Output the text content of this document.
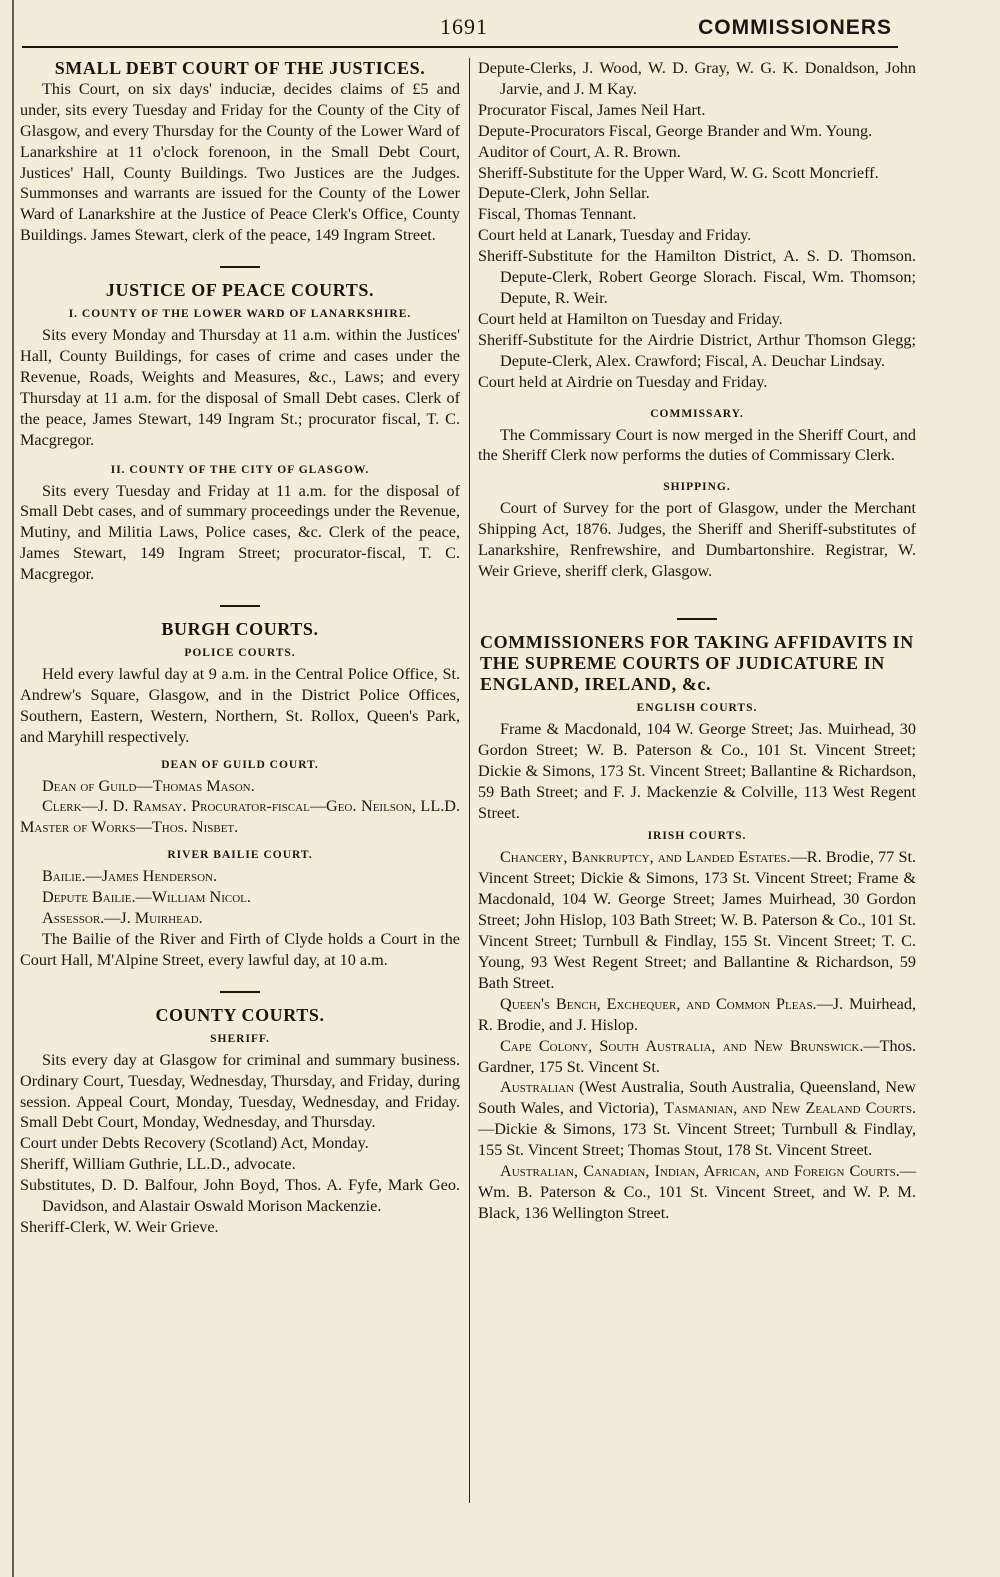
1691	COMMISSIONERS
SMALL DEBT COURT OF THE JUSTICES.

This Court, on six days' induciæ, decides claims of £5 and under, sits every Tuesday and Friday for the County of the City of Glasgow, and every Thursday for the County of the Lower Ward of Lanarkshire at 11 o'clock forenoon, in the Small Debt Court, Justices' Hall, County Buildings. Two Justices are the Judges. Summonses and warrants are issued for the County of the Lower Ward of Lanarkshire at the Justice of Peace Clerk's Office, County Buildings. James Stewart, clerk of the peace, 149 Ingram Street.

JUSTICE OF PEACE COURTS.
I. COUNTY OF THE LOWER WARD OF LANARKSHIRE.

Sits every Monday and Thursday at 11 a.m. within the Justices' Hall, County Buildings, for cases of crime and cases under the Revenue, Roads, Weights and Measures, &c., Laws; and every Thursday at 11 a.m. for the disposal of Small Debt cases. Clerk of the peace, James Stewart, 149 Ingram St.; procurator fiscal, T. C. Macgregor.

II. COUNTY OF THE CITY OF GLASGOW.

Sits every Tuesday and Friday at 11 a.m. for the disposal of Small Debt cases, and of summary proceedings under the Revenue, Mutiny, and Militia Laws, Police cases, &c. Clerk of the peace, James Stewart, 149 Ingram Street; procurator-fiscal, T. C. Macgregor.

BURGH COURTS.
POLICE COURTS.

Held every lawful day at 9 a.m. in the Central Police Office, St. Andrew's Square, Glasgow, and in the District Police Offices, Southern, Eastern, Western, Northern, St. Rollox, Queen's Park, and Maryhill respectively.

DEAN OF GUILD COURT.

Dean of Guild—Thomas Mason.

Clerk—J. D. Ramsay. Procurator-fiscal—Geo. Neilson, LL.D. Master of Works—Thos. Nisbet.

RIVER BAILIE COURT.

Bailie.—James Henderson.

Depute Bailie.—William Nicol.

Assessor.—J. Muirhead.

The Bailie of the River and Firth of Clyde holds a Court in the Court Hall, M'Alpine Street, every lawful day, at 10 a.m.

COUNTY COURTS.
SHERIFF.

Sits every day at Glasgow for criminal and summary business. Ordinary Court, Tuesday, Wednesday, Thursday, and Friday, during session. Appeal Court, Monday, Tuesday, Wednesday, and Friday. Small Debt Court, Monday, Wednesday, and Thursday.

Court under Debts Recovery (Scotland) Act, Monday.

Sheriff, William Guthrie, LL.D., advocate.

Substitutes, D. D. Balfour, John Boyd, Thos. A. Fyfe, Mark Geo. Davidson, and Alastair Oswald Morison Mackenzie.

Sheriff-Clerk, W. Weir Grieve.

Depute-Clerks, J. Wood, W. D. Gray, W. G. K. Donaldson, John Jarvie, and J. M Kay.

Procurator Fiscal, James Neil Hart.

Depute-Procurators Fiscal, George Brander and Wm. Young.

Auditor of Court, A. R. Brown.

Sheriff-Substitute for the Upper Ward, W. G. Scott Moncrieff.

Depute-Clerk, John Sellar.

Fiscal, Thomas Tennant.

Court held at Lanark, Tuesday and Friday.

Sheriff-Substitute for the Hamilton District, A. S. D. Thomson. Depute-Clerk, Robert George Slorach. Fiscal, Wm. Thomson; Depute, R. Weir.

Court held at Hamilton on Tuesday and Friday.

Sheriff-Substitute for the Airdrie District, Arthur Thomson Glegg; Depute-Clerk, Alex. Crawford; Fiscal, A. Deuchar Lindsay.

Court held at Airdrie on Tuesday and Friday.

COMMISSARY.

The Commissary Court is now merged in the Sheriff Court, and the Sheriff Clerk now performs the duties of Commissary Clerk.

SHIPPING.

Court of Survey for the port of Glasgow, under the Merchant Shipping Act, 1876. Judges, the Sheriff and Sheriff-substitutes of Lanarkshire, Renfrewshire, and Dumbartonshire. Registrar, W. Weir Grieve, sheriff clerk, Glasgow.

COMMISSIONERS FOR TAKING AFFIDAVITS IN THE SUPREME COURTS OF JUDICATURE IN ENGLAND, IRELAND, &c.
ENGLISH COURTS.

Frame & Macdonald, 104 W. George Street; Jas. Muirhead, 30 Gordon Street; W. B. Paterson & Co., 101 St. Vincent Street; Dickie & Simons, 173 St. Vincent Street; Ballantine & Richardson, 59 Bath Street; and F. J. Mackenzie & Colville, 113 West Regent Street.

IRISH COURTS.

Chancery, Bankruptcy, and Landed Estates.—R. Brodie, 77 St. Vincent Street; Dickie & Simons, 173 St. Vincent Street; Frame & Macdonald, 104 W. George Street; James Muirhead, 30 Gordon Street; John Hislop, 103 Bath Street; W. B. Paterson & Co., 101 St. Vincent Street; Turnbull & Findlay, 155 St. Vincent Street; T. C. Young, 93 West Regent Street; and Ballantine & Richardson, 59 Bath Street.

Queen's Bench, Exchequer, and Common Pleas.—J. Muirhead, R. Brodie, and J. Hislop.

Cape Colony, South Australia, and New Brunswick.—Thos. Gardner, 175 St. Vincent St.

Australian (West Australia, South Australia, Queensland, New South Wales, and Victoria), Tasmanian, and New Zealand Courts.—Dickie & Simons, 173 St. Vincent Street; Turnbull & Findlay, 155 St. Vincent Street; Thomas Stout, 178 St. Vincent Street.

Australian, Canadian, Indian, African, and Foreign Courts.—Wm. B. Paterson & Co., 101 St. Vincent Street, and W. P. M. Black, 136 Wellington Street.
